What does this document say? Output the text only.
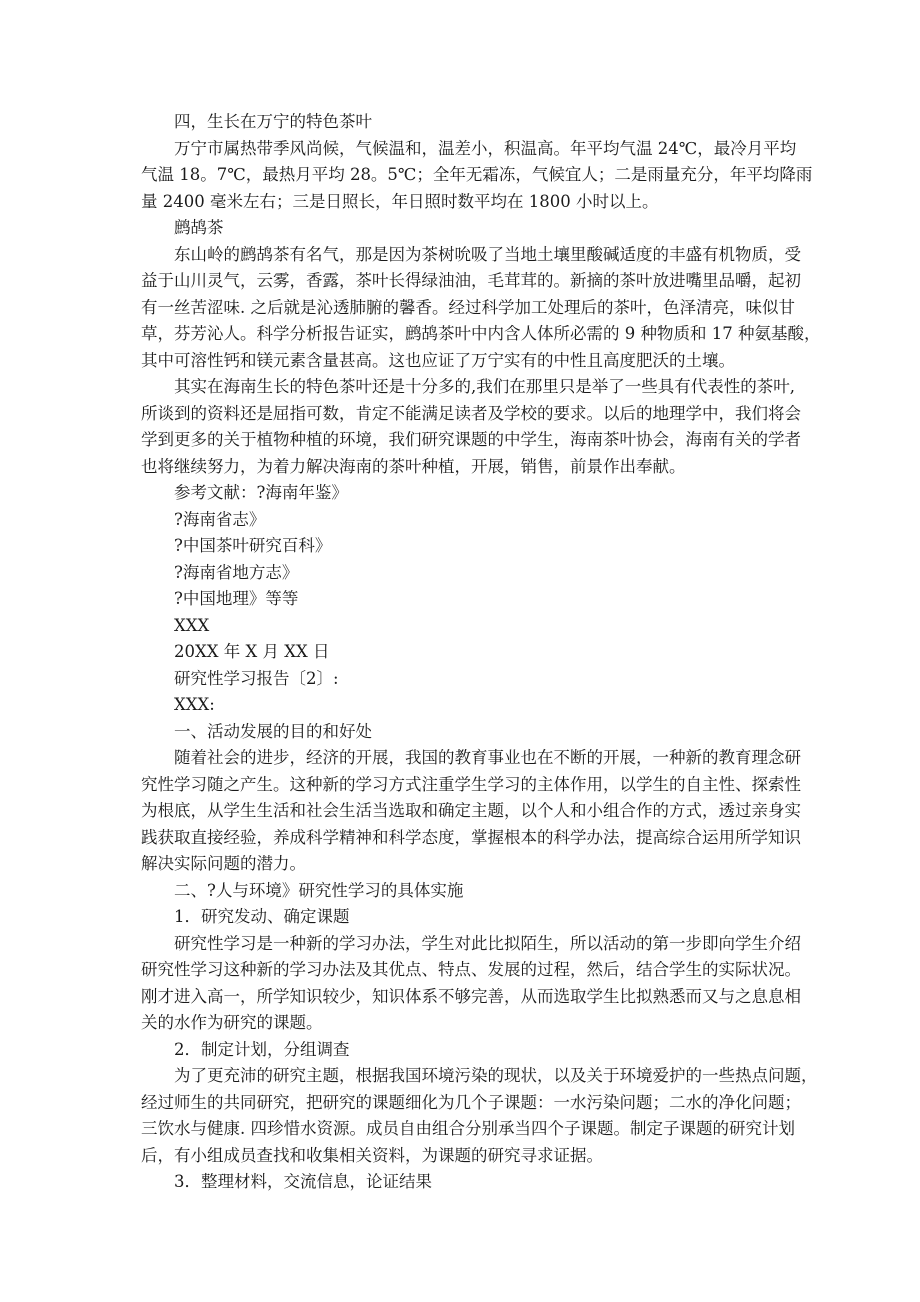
四，生长在万宁的特色茶叶
万宁市属热带季风尚候，气候温和，温差小，积温高。年平均气温 24℃，最冷月平均
气温 18。7℃，最热月平均 28。5℃；全年无霜冻，气候宜人；二是雨量充分，年平均降雨
量 2400 毫米左右；三是日照长，年日照时数平均在 1800 小时以上。
鹧鸪茶
东山岭的鹧鸪茶有名气，那是因为茶树吮吸了当地土壤里酸碱适度的丰盛有机物质，受
益于山川灵气，云雾，香露，茶叶长得绿油油，毛茸茸的。新摘的茶叶放进嘴里品嚼，起初
有一丝苦涩味. 之后就是沁透肺腑的馨香。经过科学加工处理后的茶叶，色泽清亮，味似甘
草，芬芳沁人。科学分析报告证实，鹧鸪茶叶中内含人体所必需的 9 种物质和 17 种氨基酸，
其中可溶性钙和镁元素含量甚高。这也应证了万宁实有的中性且高度肥沃的土壤。
其实在海南生长的特色茶叶还是十分多的,我们在那里只是举了一些具有代表性的茶叶,
所谈到的资料还是屈指可数，肯定不能满足读者及学校的要求。以后的地理学中，我们将会
学到更多的关于植物种植的环境，我们研究课题的中学生，海南茶叶协会，海南有关的学者
也将继续努力，为着力解决海南的茶叶种植，开展，销售，前景作出奉献。
参考文献：?海南年鉴》
?海南省志》
?中国茶叶研究百科》
?海南省地方志》
?中国地理》等等
XXX
20XX 年 X 月 XX 日
研究性学习报告〔2〕:
XXX:
一、活动发展的目的和好处
随着社会的进步，经济的开展，我国的教育事业也在不断的开展，一种新的教育理念研
究性学习随之产生。这种新的学习方式注重学生学习的主体作用，以学生的自主性、探索性
为根底，从学生生活和社会生活当选取和确定主题，以个人和小组合作的方式，透过亲身实
践获取直接经验，养成科学精神和科学态度，掌握根本的科学办法，提高综合运用所学知识
解决实际问题的潜力。
二、?人与环境》研究性学习的具体实施
1．研究发动、确定课题
研究性学习是一种新的学习办法，学生对此比拟陌生，所以活动的第一步即向学生介绍
研究性学习这种新的学习办法及其优点、特点、发展的过程，然后，结合学生的实际状况。
刚才进入高一，所学知识较少，知识体系不够完善，从而选取学生比拟熟悉而又与之息息相
关的水作为研究的课题。
2．制定计划，分组调查
为了更充沛的研究主题，根据我国环境污染的现状，以及关于环境爱护的一些热点问题，
经过师生的共同研究，把研究的课题细化为几个子课题：一水污染问题；二水的净化问题；
三饮水与健康. 四珍惜水资源。成员自由组合分别承当四个子课题。制定子课题的研究计划
后，有小组成员查找和收集相关资料，为课题的研究寻求证据。
3．整理材料，交流信息，论证结果
